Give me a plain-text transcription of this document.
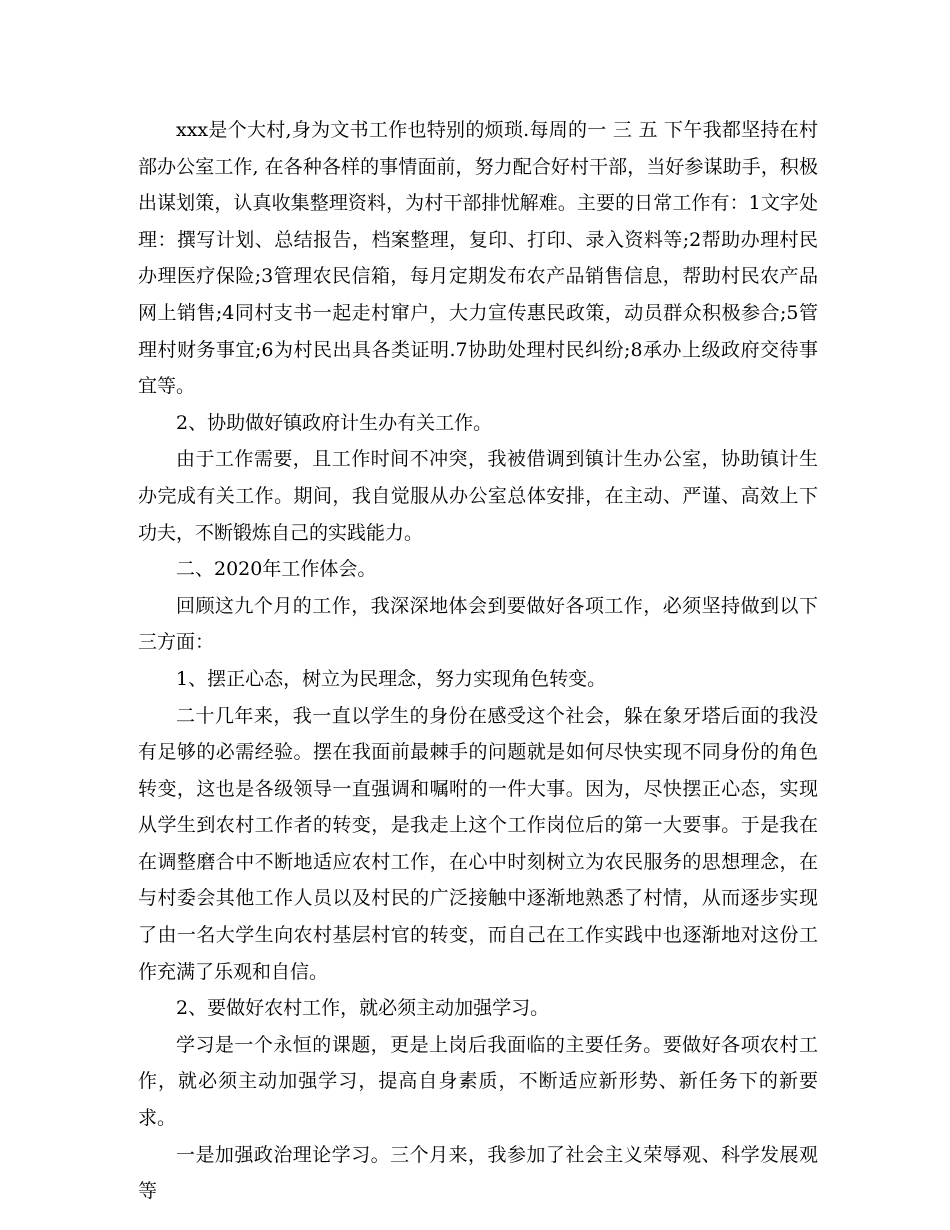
xxx是个大村,身为文书工作也特别的烦琐.每周的一 三 五 下午我都坚持在村部办公室工作, 在各种各样的事情面前，努力配合好村干部，当好参谋助手，积极出谋划策，认真收集整理资料，为村干部排忧解难。主要的日常工作有：1文字处理：撰写计划、总结报告，档案整理，复印、打印、录入资料等;2帮助办理村民办理医疗保险;3管理农民信箱，每月定期发布农产品销售信息，帮助村民农产品网上销售;4同村支书一起走村窜户，大力宣传惠民政策，动员群众积极参合;5管理村财务事宜;6为村民出具各类证明.7协助处理村民纠纷;8承办上级政府交待事宜等。

2、协助做好镇政府计生办有关工作。

由于工作需要，且工作时间不冲突，我被借调到镇计生办公室，协助镇计生办完成有关工作。期间，我自觉服从办公室总体安排，在主动、严谨、高效上下功夫，不断锻炼自己的实践能力。

二、2020年工作体会。

回顾这九个月的工作，我深深地体会到要做好各项工作，必须坚持做到以下三方面：

1、摆正心态，树立为民理念，努力实现角色转变。

二十几年来，我一直以学生的身份在感受这个社会，躲在象牙塔后面的我没有足够的必需经验。摆在我面前最棘手的问题就是如何尽快实现不同身份的角色转变，这也是各级领导一直强调和嘱咐的一件大事。因为，尽快摆正心态，实现从学生到农村工作者的转变，是我走上这个工作岗位后的第一大要事。于是我在在调整磨合中不断地适应农村工作，在心中时刻树立为农民服务的思想理念，在与村委会其他工作人员以及村民的广泛接触中逐渐地熟悉了村情，从而逐步实现了由一名大学生向农村基层村官的转变，而自己在工作实践中也逐渐地对这份工作充满了乐观和自信。

2、要做好农村工作，就必须主动加强学习。

学习是一个永恒的课题，更是上岗后我面临的主要任务。要做好各项农村工作，就必须主动加强学习，提高自身素质，不断适应新形势、新任务下的新要求。

一是加强政治理论学习。三个月来，我参加了社会主义荣辱观、科学发展观等
